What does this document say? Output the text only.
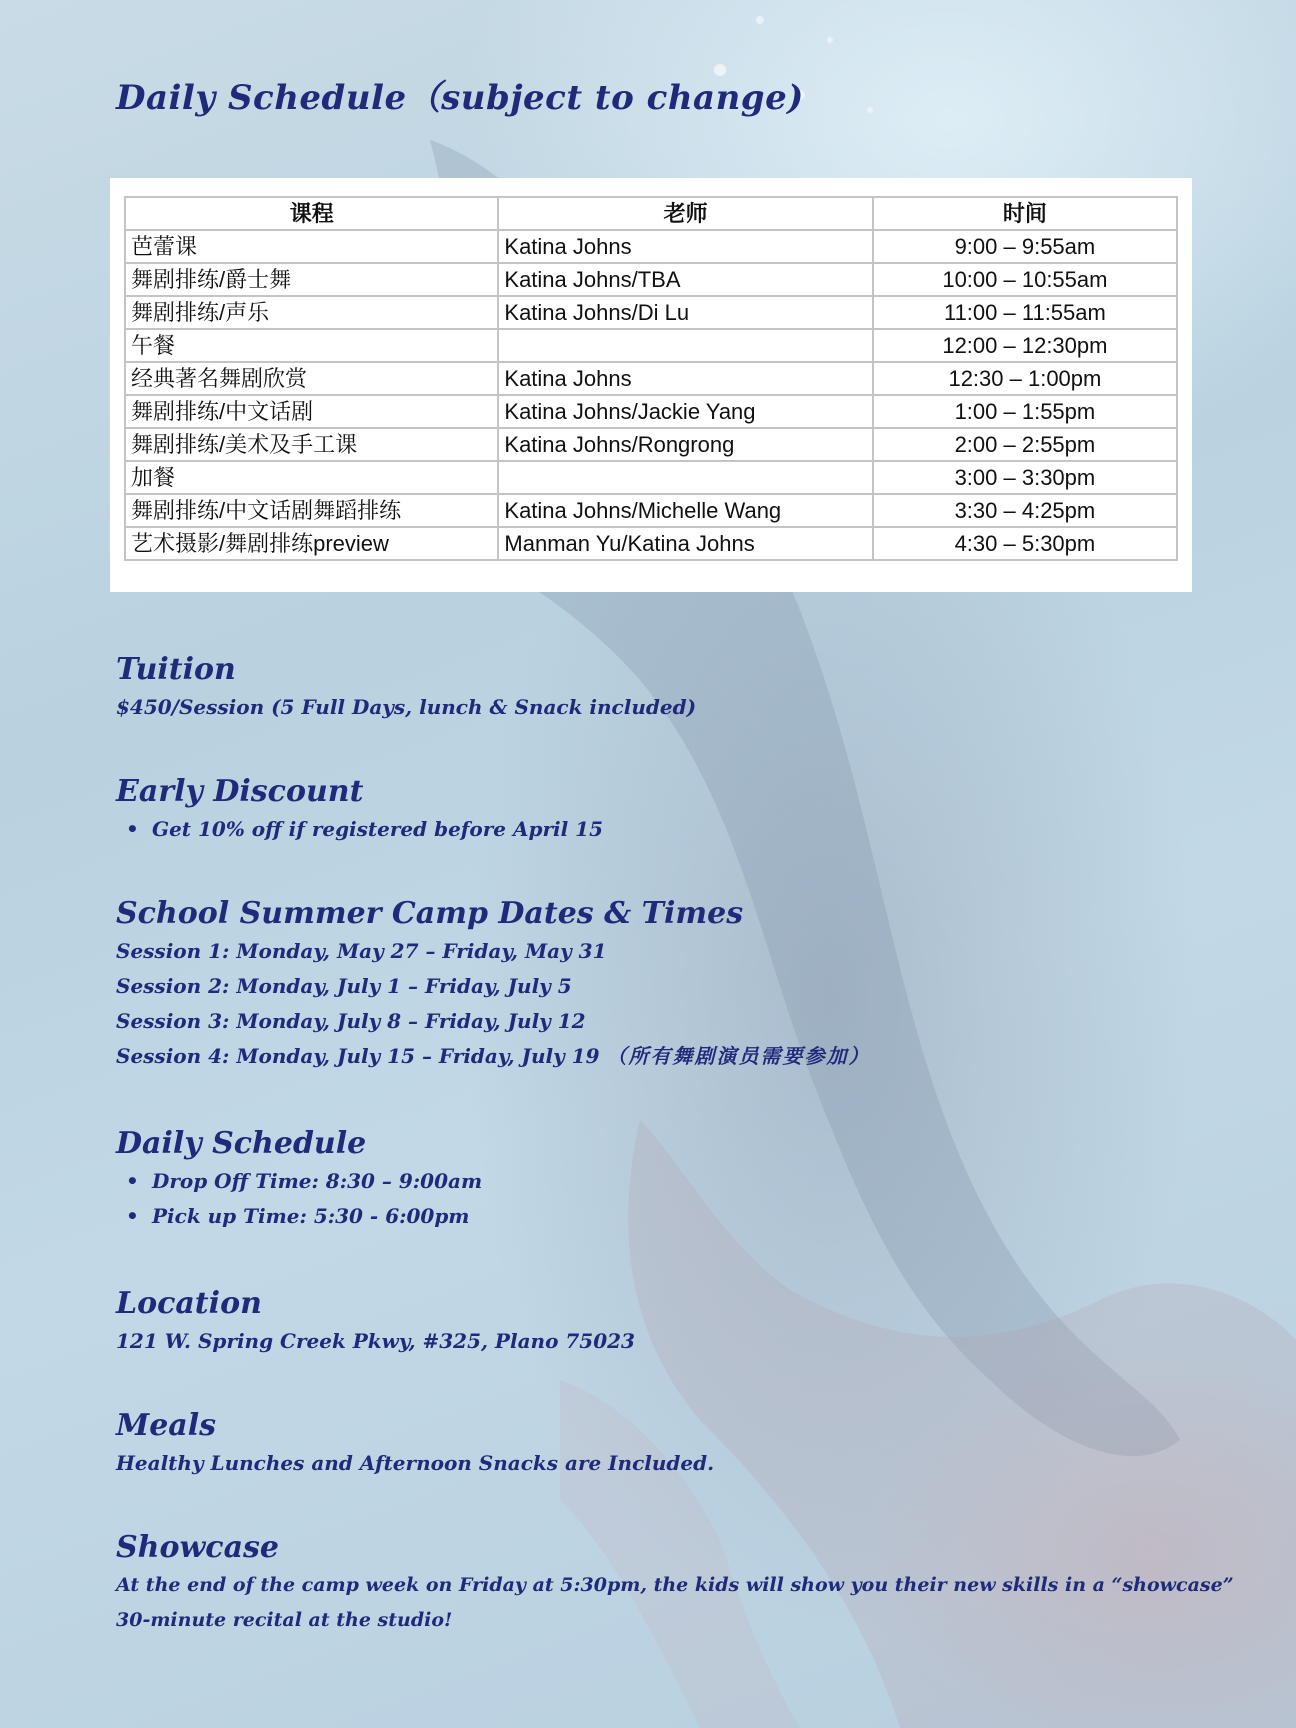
Daily Schedule（subject to change)
课程	老师	时间
芭蕾课	Katina Johns	9:00 – 9:55am
舞剧排练/爵士舞	Katina Johns/TBA	10:00 – 10:55am
舞剧排练/声乐	Katina Johns/Di Lu	11:00 – 11:55am
午餐		12:00 – 12:30pm
经典著名舞剧欣赏	Katina Johns	12:30 – 1:00pm
舞剧排练/中文话剧	Katina Johns/Jackie Yang	1:00 – 1:55pm
舞剧排练/美术及手工课	Katina Johns/Rongrong	2:00 – 2:55pm
加餐		3:00 – 3:30pm
舞剧排练/中文话剧舞蹈排练	Katina Johns/Michelle Wang	3:30 – 4:25pm
艺术摄影/舞剧排练preview	Manman Yu/Katina Johns	4:30 – 5:30pm
Tuition
$450/Session (5 Full Days, lunch & Snack included)
Early Discount
• Get 10% off if registered before April 15
School Summer Camp Dates & Times
Session 1: Monday, May 27 – Friday, May 31
Session 2: Monday, July 1 – Friday, July 5
Session 3: Monday, July 8 – Friday, July 12
Session 4: Monday, July 15 – Friday, July 19 （所有舞剧演员需要参加）
Daily Schedule
• Drop Off Time: 8:30 – 9:00am
• Pick up Time: 5:30 - 6:00pm
Location
121 W. Spring Creek Pkwy, #325, Plano 75023
Meals
Healthy Lunches and Afternoon Snacks are Included.
Showcase
At the end of the camp week on Friday at 5:30pm, the kids will show you their new skills in a “showcase”
30-minute recital at the studio!
